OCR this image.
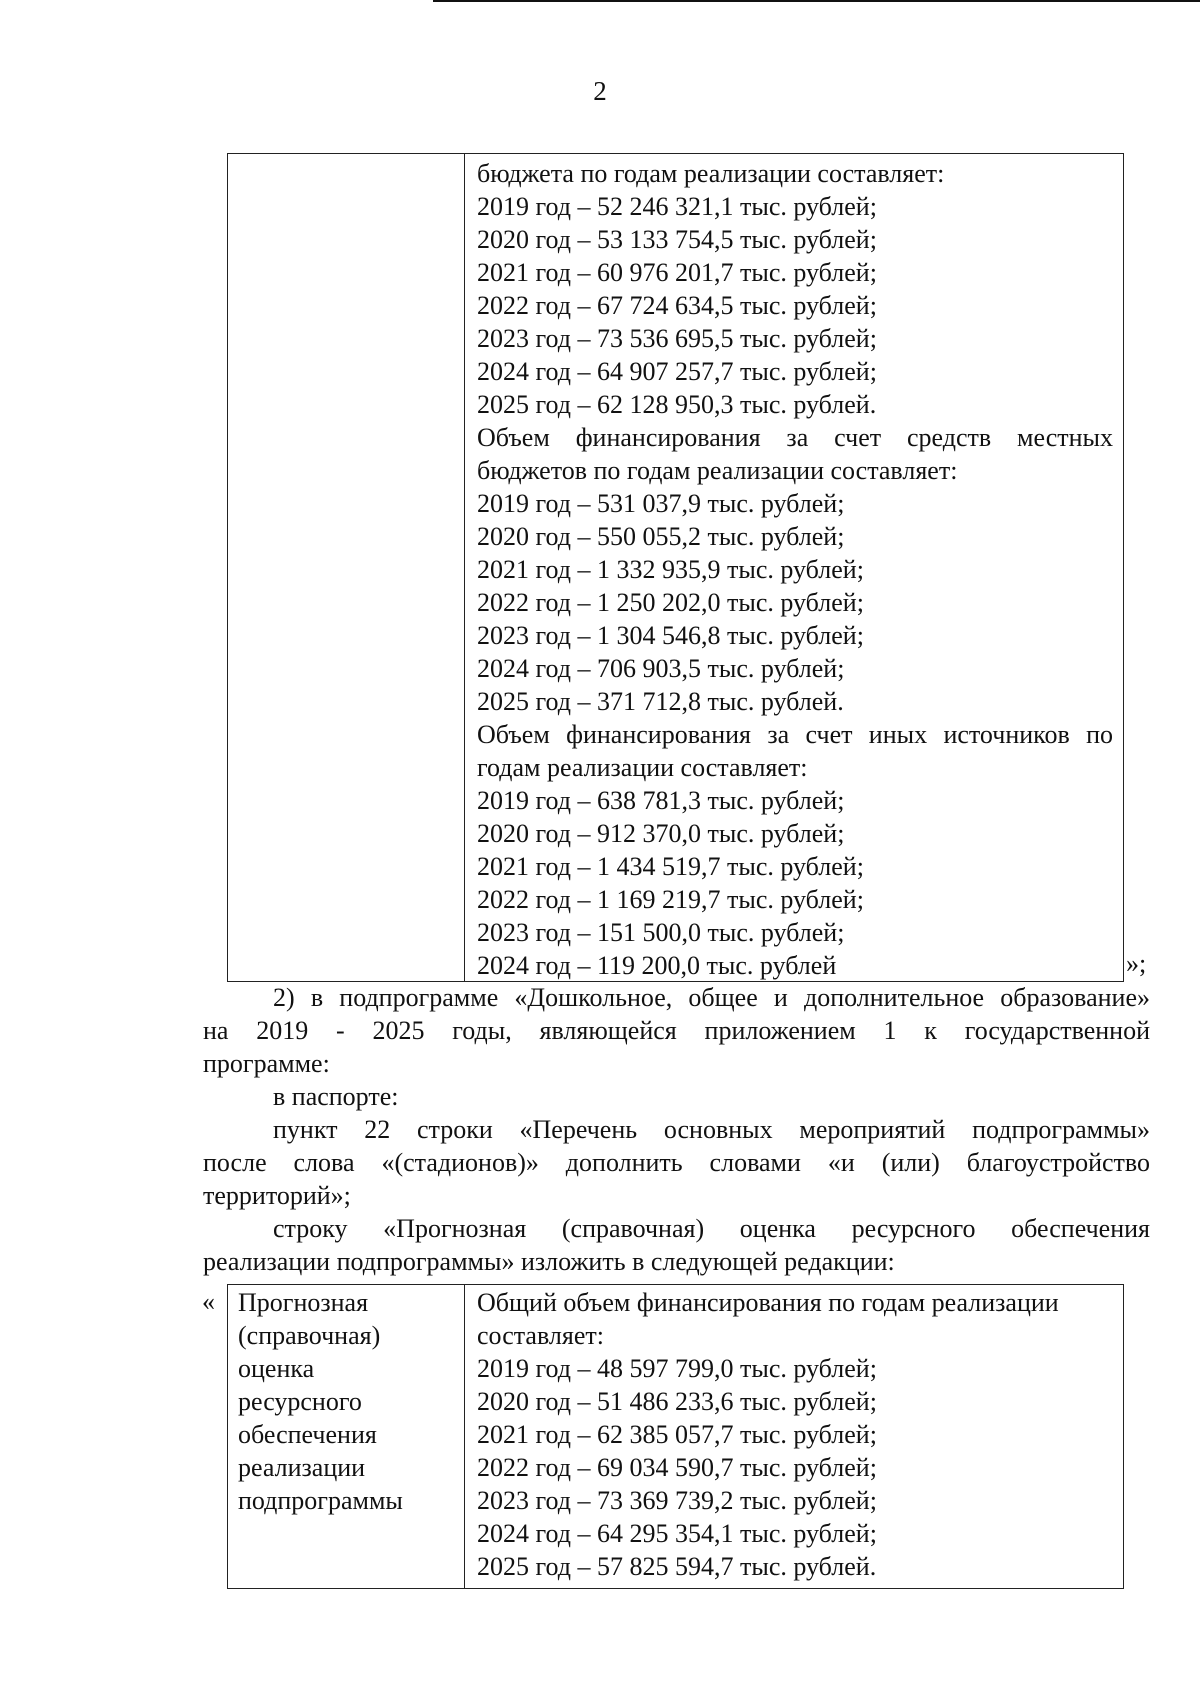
2
бюджета по годам реализации составляет:
2019 год – 52 246 321,1 тыс. рублей;
2020 год – 53 133 754,5 тыс. рублей;
2021 год – 60 976 201,7 тыс. рублей;
2022 год – 67 724 634,5 тыс. рублей;
2023 год – 73 536 695,5 тыс. рублей;
2024 год – 64 907 257,7 тыс. рублей;
2025 год – 62 128 950,3 тыс. рублей.
Объем финансирования за счет средств местных
бюджетов по годам реализации составляет:
2019 год – 531 037,9 тыс. рублей;
2020 год – 550 055,2 тыс. рублей;
2021 год – 1 332 935,9 тыс. рублей;
2022 год – 1 250 202,0 тыс. рублей;
2023 год – 1 304 546,8 тыс. рублей;
2024 год – 706 903,5 тыс. рублей;
2025 год – 371 712,8 тыс. рублей.
Объем финансирования за счет иных источников по
годам реализации составляет:
2019 год – 638 781,3 тыс. рублей;
2020 год – 912 370,0 тыс. рублей;
2021 год – 1 434 519,7 тыс. рублей;
2022 год – 1 169 219,7 тыс. рублей;
2023 год – 151 500,0 тыс. рублей;
2024 год – 119 200,0 тыс. рублей	»;
2) в подпрограмме «Дошкольное, общее и дополнительное образование»
на 2019 - 2025 годы, являющейся приложением 1 к государственной
программе:
в паспорте:
пункт 22 строки «Перечень основных мероприятий подпрограммы»
после слова «(стадионов)» дополнить словами «и (или) благоустройство
территорий»;
строку «Прогнозная (справочная) оценка ресурсного обеспечения
реализации подпрограммы» изложить в следующей редакции:
« Прогнозная
(справочная)
оценка
ресурсного
обеспечения
реализации
подпрограммы
Общий объем финансирования по годам реализации
составляет:
2019 год – 48 597 799,0 тыс. рублей;
2020 год – 51 486 233,6 тыс. рублей;
2021 год – 62 385 057,7 тыс. рублей;
2022 год – 69 034 590,7 тыс. рублей;
2023 год – 73 369 739,2 тыс. рублей;
2024 год – 64 295 354,1 тыс. рублей;
2025 год – 57 825 594,7 тыс. рублей.
